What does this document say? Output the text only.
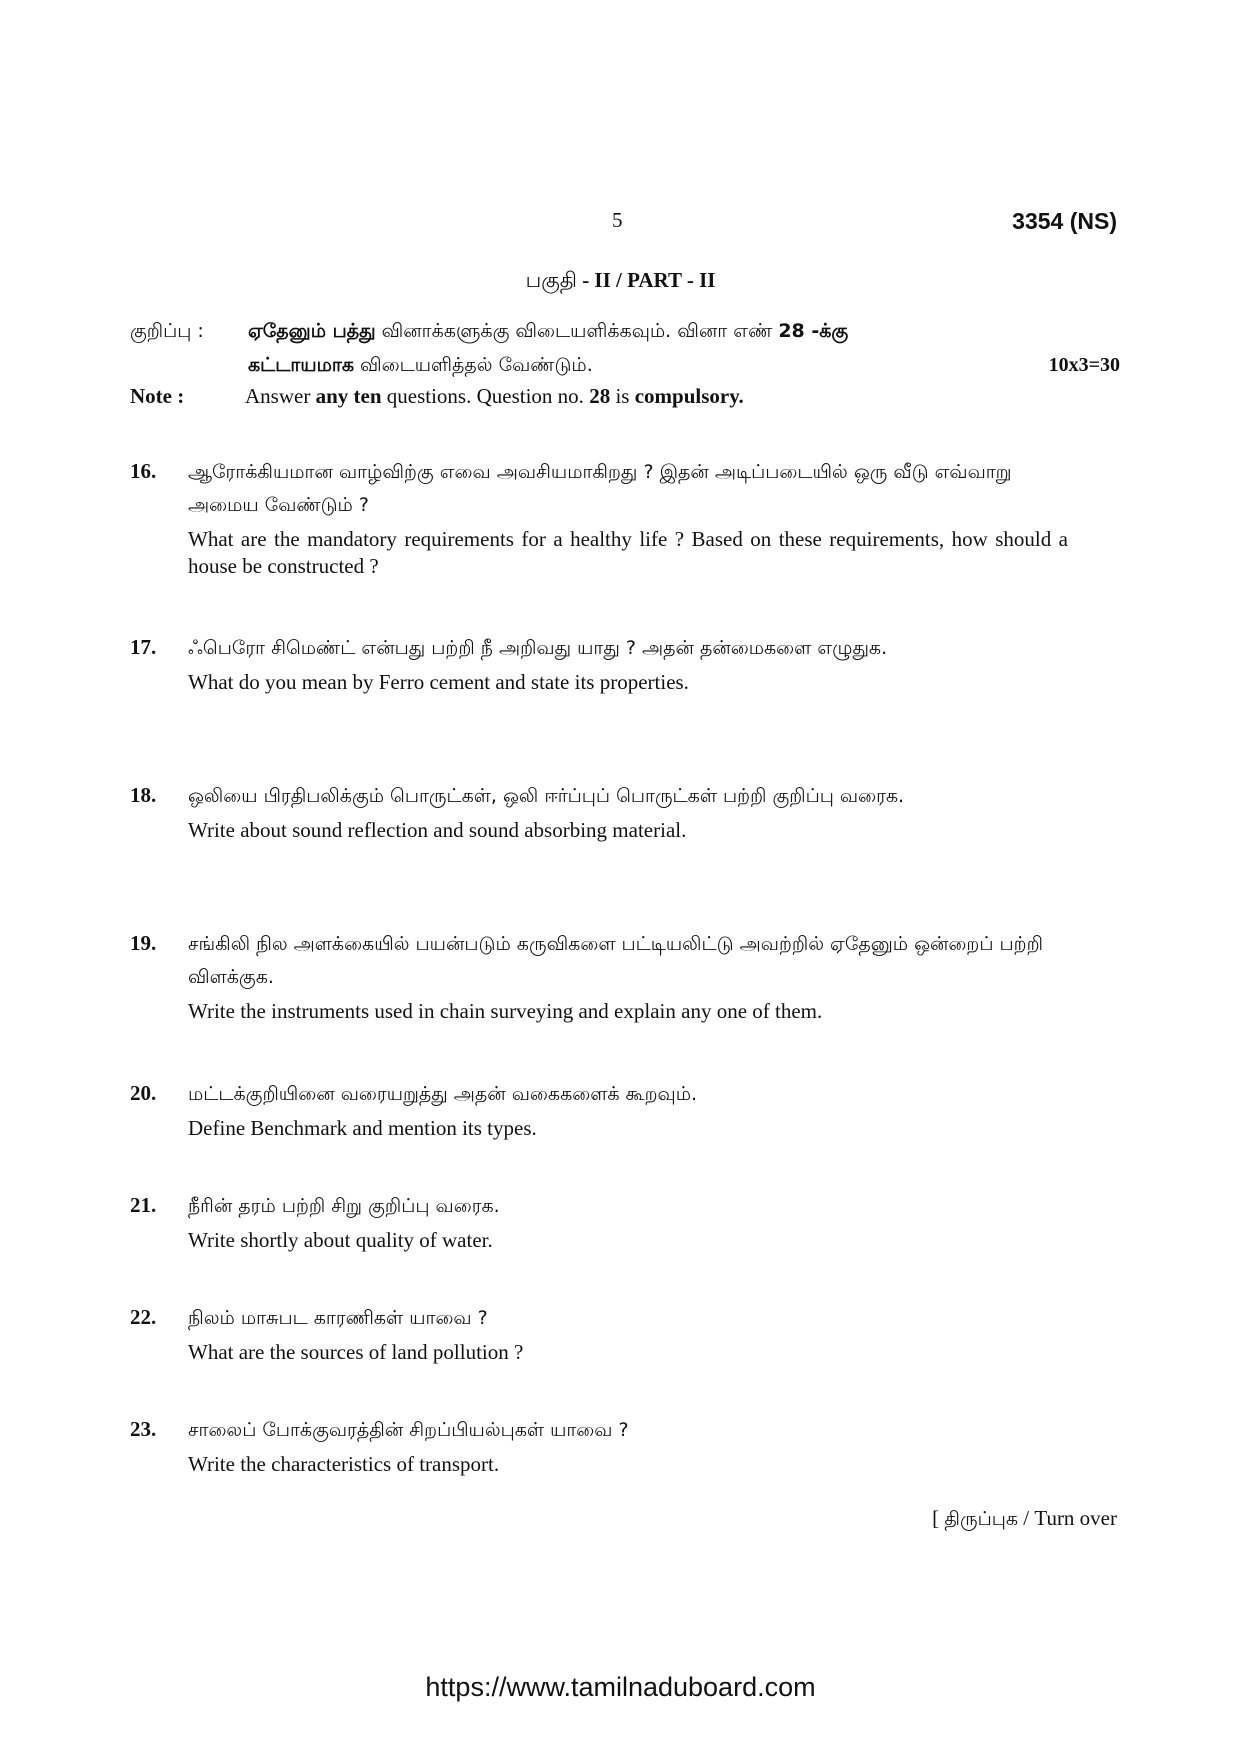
5	3354 (NS)
பகுதி - II / PART - II
குறிப்பு :	ஏதேனும் பத்து வினாக்களுக்கு விடையளிக்கவும். வினா எண் 28 -க்கு
கட்டாயமாக விடையளித்தல் வேண்டும்.	10x3=30
Note :	Answer any ten questions. Question no. 28 is compulsory.
16. ஆரோக்கியமான வாழ்விற்கு எவை அவசியமாகிறது ? இதன் அடிப்படையில் ஒரு வீடு எவ்வாறு அமைய வேண்டும் ?
What are the mandatory requirements for a healthy life ? Based on these requirements, how should a house be constructed ?
17. ஃபெரோ சிமெண்ட் என்பது பற்றி நீ அறிவது யாது ? அதன் தன்மைகளை எழுதுக.
What do you mean by Ferro cement and state its properties.
18. ஒலியை பிரதிபலிக்கும் பொருட்கள், ஒலி ஈர்ப்புப் பொருட்கள் பற்றி குறிப்பு வரைக.
Write about sound reflection and sound absorbing material.
19. சங்கிலி நில அளக்கையில் பயன்படும் கருவிகளை பட்டியலிட்டு அவற்றில் ஏதேனும் ஒன்றைப் பற்றி விளக்குக.
Write the instruments used in chain surveying and explain any one of them.
20. மட்டக்குறியினை வரையறுத்து அதன் வகைகளைக் கூறவும்.
Define Benchmark and mention its types.
21. நீரின் தரம் பற்றி சிறு குறிப்பு வரைக.
Write shortly about quality of water.
22. நிலம் மாசுபட காரணிகள் யாவை ?
What are the sources of land pollution ?
23. சாலைப் போக்குவரத்தின் சிறப்பியல்புகள் யாவை ?
Write the characteristics of transport.
[ திருப்புக / Turn over
https://www.tamilnaduboard.com
